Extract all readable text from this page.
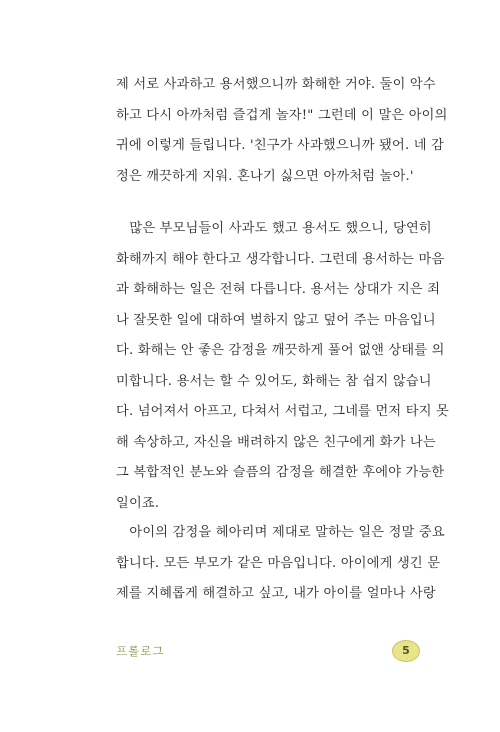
제 서로 사과하고 용서했으니까 화해한 거야. 둘이 악수
하고 다시 아까처럼 즐겁게 놀자!" 그런데 이 말은 아이의
귀에 이렇게 들립니다. '친구가 사과했으니까 됐어. 네 감
정은 깨끗하게 지워. 혼나기 싫으면 아까처럼 놀아.'
　많은 부모님들이 사과도 했고 용서도 했으니, 당연히
화해까지 해야 한다고 생각합니다. 그런데 용서하는 마음
과 화해하는 일은 전혀 다릅니다. 용서는 상대가 지은 죄
나 잘못한 일에 대하여 벌하지 않고 덮어 주는 마음입니
다. 화해는 안 좋은 감정을 깨끗하게 풀어 없앤 상태를 의
미합니다. 용서는 할 수 있어도, 화해는 참 쉽지 않습니
다. 넘어져서 아프고, 다쳐서 서럽고, 그네를 먼저 타지 못
해 속상하고, 자신을 배려하지 않은 친구에게 화가 나는
그 복합적인 분노와 슬픔의 감정을 해결한 후에야 가능한
일이죠.
　아이의 감정을 헤아리며 제대로 말하는 일은 정말 중요
합니다. 모든 부모가 같은 마음입니다. 아이에게 생긴 문
제를 지혜롭게 해결하고 싶고, 내가 아이를 얼마나 사랑
프롤로그	5
